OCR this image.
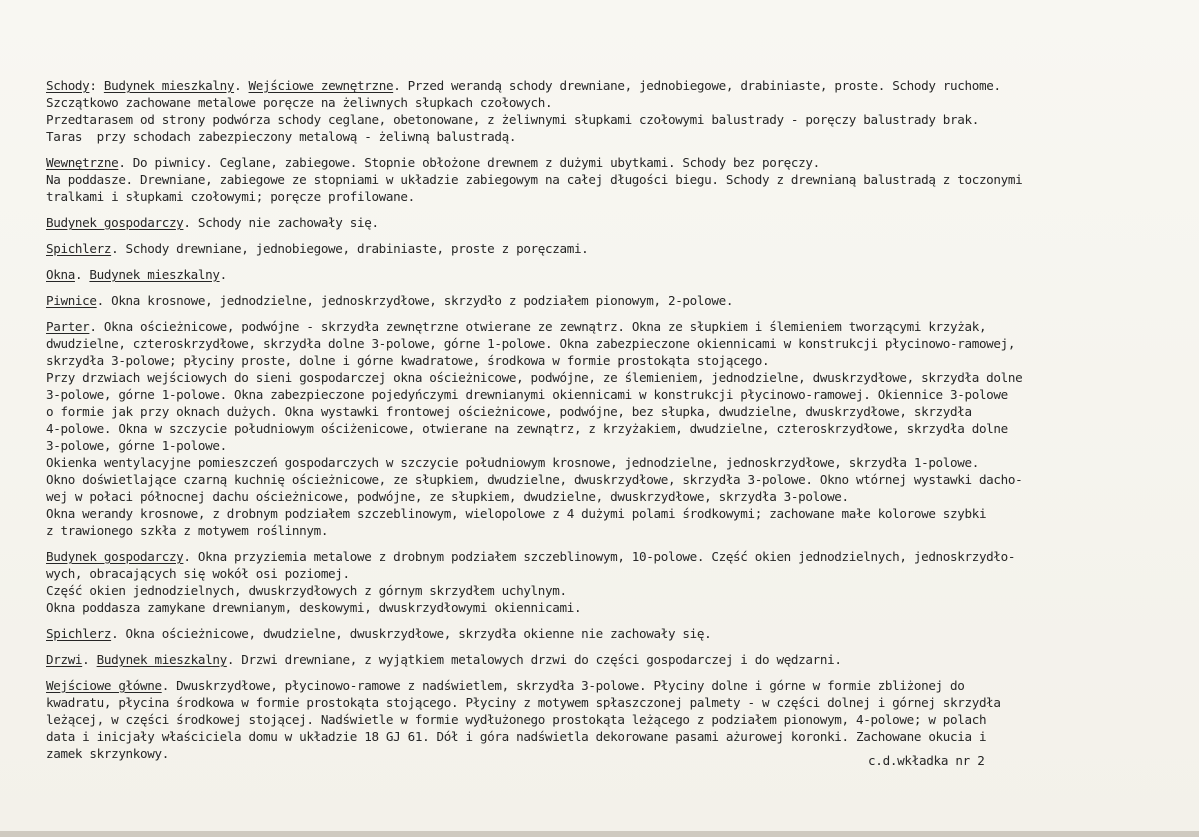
Schody: Budynek mieszkalny. Wejściowe zewnętrzne. Przed werandą schody drewniane, jednobiegowe, drabiniaste, proste. Schody ruchome.
Szczątkowo zachowane metalowe poręcze na żeliwnych słupkach czołowych.
Przedtarasem od strony podwórza schody ceglane, obetonowane, z żeliwnymi słupkami czołowymi balustrady - poręczy balustrady brak.
Taras  przy schodach zabezpieczony metalową - żeliwną balustradą.
Wewnętrzne. Do piwnicy. Ceglane, zabiegowe. Stopnie obłożone drewnem z dużymi ubytkami. Schody bez poręczy.
Na poddasze. Drewniane, zabiegowe ze stopniami w układzie zabiegowym na całej długości biegu. Schody z drewnianą balustradą z toczonymi
tralkami i słupkami czołowymi; poręcze profilowane.
Budynek gospodarczy. Schody nie zachowały się.
Spichlerz. Schody drewniane, jednobiegowe, drabiniaste, proste z poręczami.
Okna. Budynek mieszkalny.
Piwnice. Okna krosnowe, jednodzielne, jednoskrzydłowe, skrzydło z podziałem pionowym, 2-polowe.
Parter. Okna ościeżnicowe, podwójne - skrzydła zewnętrzne otwierane ze zewnątrz. Okna ze słupkiem i ślemieniem tworzącymi krzyżak,
dwudzielne, czteroskrzydłowe, skrzydła dolne 3-polowe, górne 1-polowe. Okna zabezpieczone okiennicami w konstrukcji płycinowo-ramowej,
skrzydła 3-polowe; płyciny proste, dolne i górne kwadratowe, środkowa w formie prostokąta stojącego.
Przy drzwiach wejściowych do sieni gospodarczej okna ościeżnicowe, podwójne, ze ślemieniem, jednodzielne, dwuskrzydłowe, skrzydła dolne
3-polowe, górne 1-polowe. Okna zabezpieczone pojedyńczymi drewnianymi okiennicami w konstrukcji płycinowo-ramowej. Okiennice 3-polowe
o formie jak przy oknach dużych. Okna wystawki frontowej ościeżnicowe, podwójne, bez słupka, dwudzielne, dwuskrzydłowe, skrzydła
4-polowe. Okna w szczycie południowym ościżenicowe, otwierane na zewnątrz, z krzyżakiem, dwudzielne, czteroskrzydłowe, skrzydła dolne
3-polowe, górne 1-polowe.
Okienka wentylacyjne pomieszczeń gospodarczych w szczycie południowym krosnowe, jednodzielne, jednoskrzydłowe, skrzydła 1-polowe.
Okno doświetlające czarną kuchnię ościeżnicowe, ze słupkiem, dwudzielne, dwuskrzydłowe, skrzydła 3-polowe. Okno wtórnej wystawki dacho-
wej w połaci północnej dachu ościeżnicowe, podwójne, ze słupkiem, dwudzielne, dwuskrzydłowe, skrzydła 3-polowe.
Okna werandy krosnowe, z drobnym podziałem szczeblinowym, wielopolowe z 4 dużymi polami środkowymi; zachowane małe kolorowe szybki
z trawionego szkła z motywem roślinnym.
Budynek gospodarczy. Okna przyziemia metalowe z drobnym podziałem szczeblinowym, 10-polowe. Część okien jednodzielnych, jednoskrzydło-
wych, obracających się wokół osi poziomej.
Część okien jednodzielnych, dwuskrzydłowych z górnym skrzydłem uchylnym.
Okna poddasza zamykane drewnianym, deskowymi, dwuskrzydłowymi okiennicami.
Spichlerz. Okna ościeżnicowe, dwudzielne, dwuskrzydłowe, skrzydła okienne nie zachowały się.
Drzwi. Budynek mieszkalny. Drzwi drewniane, z wyjątkiem metalowych drzwi do części gospodarczej i do wędzarni.
Wejściowe główne. Dwuskrzydłowe, płycinowo-ramowe z nadświetlem, skrzydła 3-polowe. Płyciny dolne i górne w formie zbliżonej do
kwadratu, płycina środkowa w formie prostokąta stojącego. Płyciny z motywem spłaszczonej palmety - w części dolnej i górnej skrzydła
leżącej, w części środkowej stojącej. Nadświetle w formie wydłużonego prostokąta leżącego z podziałem pionowym, 4-polowe; w polach
data i inicjały właściciela domu w układzie 18 GJ 61. Dół i góra nadświetla dekorowane pasami ażurowej koronki. Zachowane okucia i
zamek skrzynkowy.	c.d.wkładka nr 2
